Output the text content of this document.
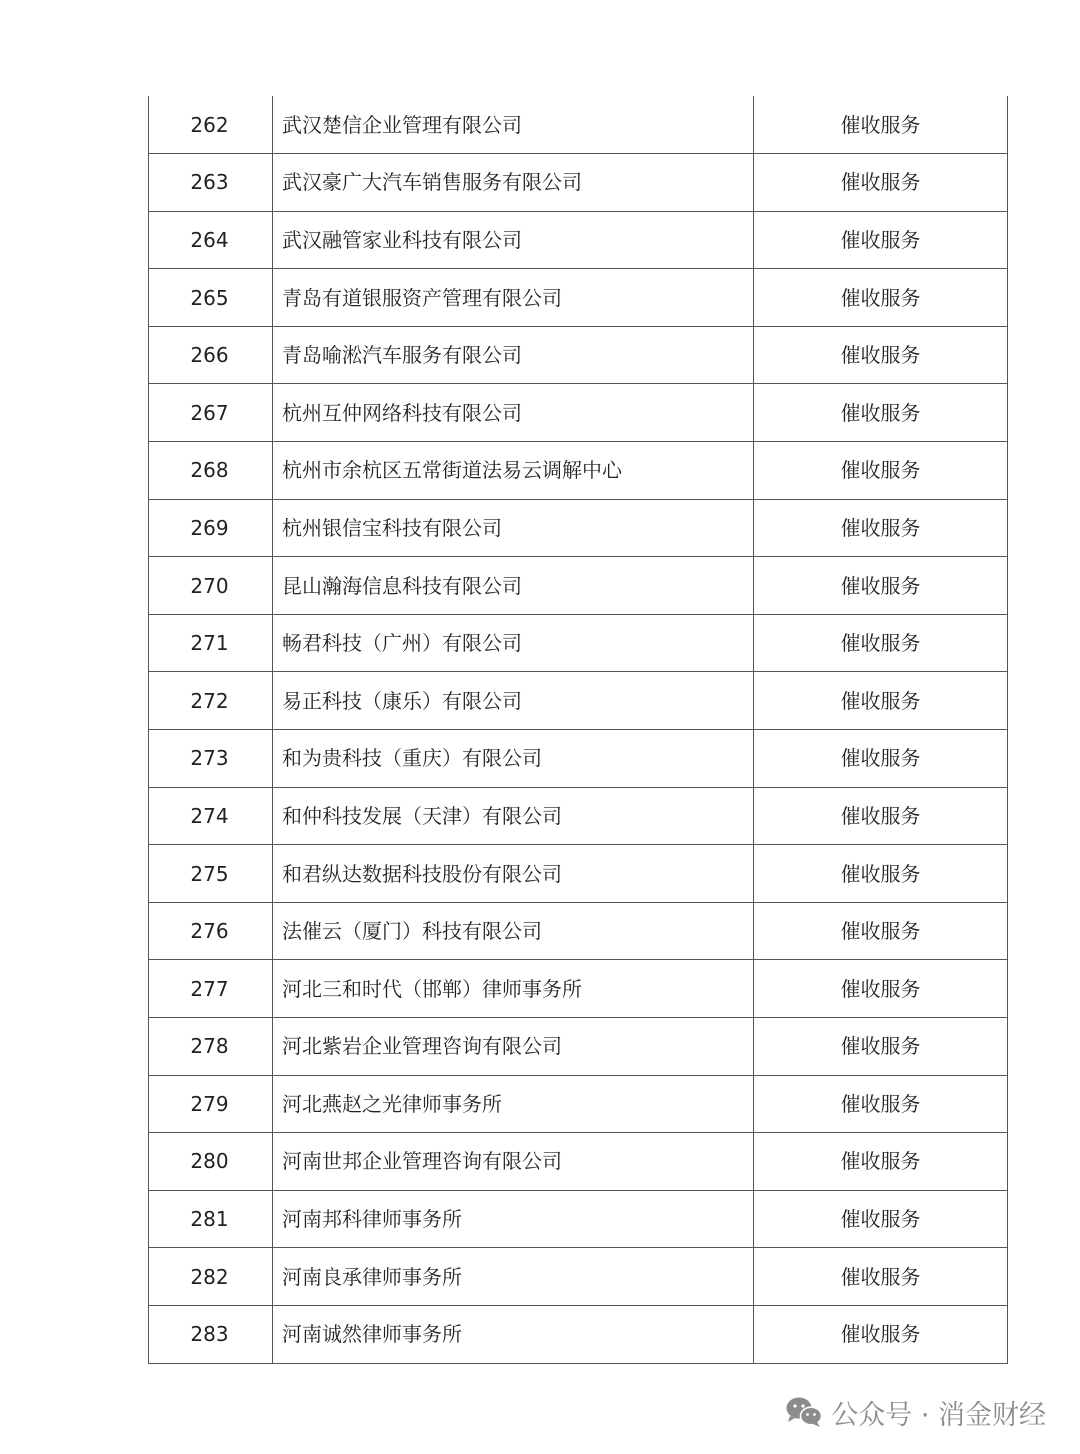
262	武汉楚信企业管理有限公司	催收服务
263	武汉豪广大汽车销售服务有限公司	催收服务
264	武汉融管家业科技有限公司	催收服务
265	青岛有道银服资产管理有限公司	催收服务
266	青岛喻淞汽车服务有限公司	催收服务
267	杭州互仲网络科技有限公司	催收服务
268	杭州市余杭区五常街道法易云调解中心	催收服务
269	杭州银信宝科技有限公司	催收服务
270	昆山瀚海信息科技有限公司	催收服务
271	畅君科技（广州）有限公司	催收服务
272	易正科技（康乐）有限公司	催收服务
273	和为贵科技（重庆）有限公司	催收服务
274	和仲科技发展（天津）有限公司	催收服务
275	和君纵达数据科技股份有限公司	催收服务
276	法催云（厦门）科技有限公司	催收服务
277	河北三和时代（邯郸）律师事务所	催收服务
278	河北紫岩企业管理咨询有限公司	催收服务
279	河北燕赵之光律师事务所	催收服务
280	河南世邦企业管理咨询有限公司	催收服务
281	河南邦科律师事务所	催收服务
282	河南良承律师事务所	催收服务
283	河南诚然律师事务所	催收服务
公众号 · 消金财经
